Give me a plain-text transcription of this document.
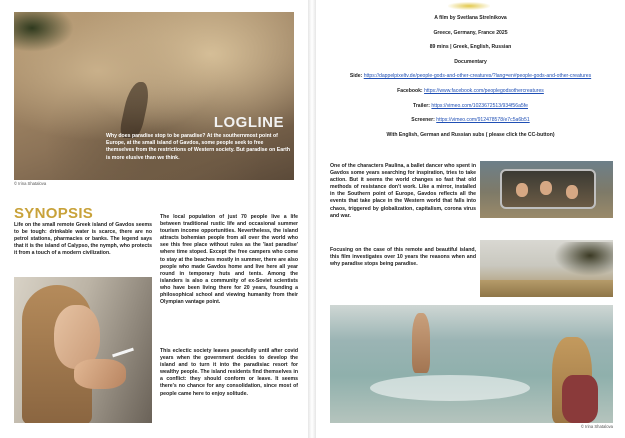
LOGLINE
Why does paradise stop to be paradise? At the southernmost point of Europe, at the small island of Gavdos, some people seek to free themselves from the restrictions of Western society. But paradise on Earth is more elusive than we think.
© Irina Shatalova
SYNOPSIS
Life on the small remote Greek island of Gavdos seems to be tough: drinkable water is scarce, there are no petrol stations, pharmacies or banks. The legend says that it is the island of Calypso, the nymph, who protects it from a touch of a modern civilization.
The local population of just 70 people live a life between traditional rustic life and occasional summer tourism income opportunities. Nevertheless, the island attracts bohemian people from all over the world who see this free place without rules as the 'last paradise' where time stoped. Except the free campers who come to stay at the beaches mostly in summer, there are also people who made Gavdos home and live here all year round in temporary huts and tents. Among the islanders is also a community of ex-Soviet scientists who have been living there for 20 years, founding a philosophical school and viewing humanity from their Olympian vantage point.
This eclectic society leaves peacefully until after covid years when the government decides to develop the island and to turn it into the paradisiac resort for wealthy people. The island residents find themselves in a conflict: they should conform or leave. It seems there's no chance for any consolidation, since most of people came here to enjoy solitude.
A film by Svetlana Strelnikova
Greece, Germany, France 2025
89 mins | Greek, English, Russian
Documentary
Side: https://dappelpixeltv.de/people-gods-and-other-creatures/?lang=en#people-gods-and-other-creatures
Facebook: https://www.facebook.com/peoplegodsothercreatures
Trailer: https://vimeo.com/1023672513/934f56a5fe
Screener: https://vimeo.com/912478578/e7c5a6b51
With English, German and Russian subs ( please click the CC-button)
One of the characters Paulina, a ballet dancer who spent in Gavdos some years searching for inspiration, tries to take action. But it seems the world changes so fast that old methods of resistance don't work. Like a mirror, installed in the Southern point of Europe, Gavdos reflects all the events that take place in the Western world that falls into chaos, triggered by globalization, capitalism, corona virus and war.
Focusing on the case of this remote and beautiful island, this film investigates over 10 years the reasons when and why paradise stops being paradise.
© Irina Shatalova
